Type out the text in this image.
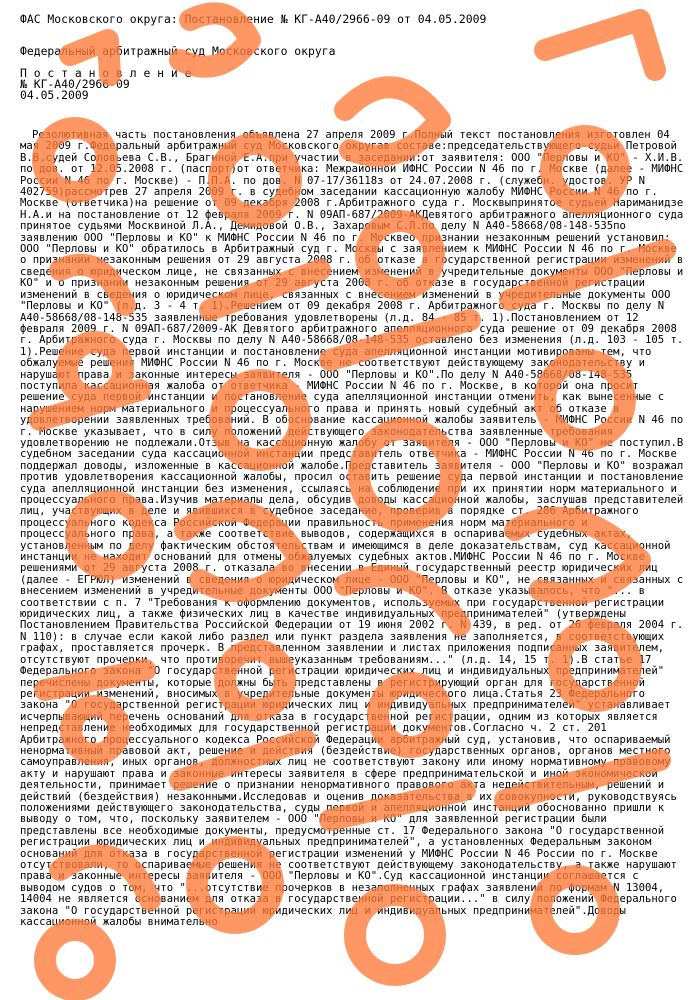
ФАС Московского округа: Постановление № КГ-А40/2966-09 от 04.05.2009
Федеральный арбитражный суд Московского округа
П о с т а н о в л е н и е
№ КГ-А40/2966-09
04.05.2009
Резолютивная часть постановления объявлена 27 апреля 2009 г.Полный текст постановления изготовлен 04 мая 2009 г.Федеральный арбитражный суд Московского округав составе:председательствующего-судьи Петровой В.В.судей Соловьева С.В., Брагиной Е.А.при участии в заседании:от заявителя: ООО "Перловы и КО" - Х.И.В. по дов. от 12.05.2008 г. (паспорт)от ответчика: Межрайонной ИФНС России N 46 по г. Москве (далее - МИФНС России N 46 по г. Москве) - П.П.А. по дов. N 07-17/36118з от 24.07.2008 г. (служебн. удостов. УР N 402759)рассмотрев 27 апреля 2009 г. в судебном заседании кассационную жалобу МИФНС России N 46 по г. Москве (ответчика)на решение от 09 декабря 2008 г.Арбитражного суда г. Москвыпринятое судьей Нариманидзе Н.А.и на постановление от 12 февраля 2009 г. N 09АП-687/2009-АКДевятого арбитражного апелляционного суда принятое судьями Москвиной Л.А., Демидовой О.В., Захаровым С.Л.по делу N А40-58668/08-148-535по заявлению ООО "Перловы и КО" к МИФНС России N 46 по г. Москвео признании незаконным решений установил: ООО "Перловы и КО" обратилось в Арбитражный суд г. Москвы с заявлением к МИФНС России N 46 по г. Москве о признании незаконным решения от 29 августа 2008 г. об отказе в государственной регистрации изменений в сведения о юридическом лице, не связанных с внесением изменений в учредительные документы ООО "Перловы и КО" и о признании незаконным решения от 29 августа 2008 г. об отказе в государственной регистрации изменений в сведения о юридическом лице, связанных с внесением изменений в учредительные документы ООО "Перловы и КО" (л.д. 3 - 4 т. 1).Решением от 09 декабря 2008 г. Арбитражного суда г. Москвы по делу N А40-58668/08-148-535 заявленные требования удовлетворены (л.д. 84 - 85 т. 1).Постановлением от 12 февраля 2009 г. N 09АП-687/2009-АК Девятого арбитражного апелляционного суда решение от 09 декабря 2008 г. Арбитражного суда г. Москвы по делу N А40-58668/08-148-535 оставлено без изменения (л.д. 103 - 105 т. 1).Решение суда первой инстанции и постановление суда апелляционной инстанции мотивированы тем, что обжалуемые решения МИФНС России N 46 по г. Москве не соответствуют действующему законодательству и нарушают права и законные интересы заявителя - ООО "Перловы и КО".По делу N А40-58668/08-148-535 поступила кассационная жалоба от ответчика - МИФНС России N 46 по г. Москве, в которой она просит решение суда первой инстанции и постановление суда апелляционной инстанции отменить, как вынесенные с нарушением норм материального и процессуального права и принять новый судебный акт об отказе в удовлетворении заявленных требований. В обоснование кассационной жалобы заявитель - МИФНС России N 46 по г. Москве указывает, что в силу положений действующего законодательства заявленные требования удовлетворению не подлежали.Отзыв на кассационную жалобу от заявителя - ООО "Перловы и КО" не поступил.В судебном заседании суда кассационной инстанции представитель ответчика - МИФНС России N 46 по г. Москве поддержал доводы, изложенные в кассационной жалобе.Представитель заявителя - ООО "Перловы и КО" возражал против удовлетворения кассационной жалобы, просил оставить решение суда первой инстанции и постановление суда апелляционной инстанции без изменения, ссылаясь на соблюдение при их принятии норм материального и процессуального права.Изучив материалы дела, обсудив доводы кассационной жалобы, заслушав представителей лиц, участвующих в деле и явившихся в судебное заседание, проверив в порядке ст. 286 Арбитражного процессуального кодекса Российской Федерации правильность применения норм материального и процессуального права, а также соответствие выводов, содержащихся в оспариваемых судебных актах, установленным по делу фактическим обстоятельствам и имеющимся в деле доказательствам, суд кассационной инстанции не находит оснований для отмены обжалуемых судебных актов.МИФНС России N 46 по г. Москве решениями от 29 августа 2008 г. отказала во внесении в Единый государственный реестр юридических лиц (далее - ЕГРЮЛ) изменений в сведения о юридическом лице - ООО "Перловы и КО", не связанных и связанных с внесением изменений в учредительные документы ООО "Перловы и КО". В отказе указывалось, что "... в соответствии с п. 7 "Требования к оформлению документов, используемых при государственной регистрации юридических лиц, а также физических лиц в качестве индивидуальных предпринимателей" (утверждены Постановлением Правительства Российской Федерации от 19 июня 2002 г. N 439, в ред. от 26 февраля 2004 г. N 110): в случае если какой либо раздел или пункт раздела заявления не заполняется, в соответствующих графах, проставляется прочерк. В представленном заявлении и листах приложения подписанных заявителем, отсутствуют прочерки, что противоречит вышеуказанным требованиям..." (л.д. 14, 15 т. 1).В статье 17 Федерального закона "О государственной регистрации юридических лиц и индивидуальных предпринимателей" перечислены документы, которые должны быть представлены в регистрирующий орган для государственной регистрации изменений, вносимых в учредительные документы юридического лица.Статья 23 Федерального закона "О государственной регистрации юридических лиц и индивидуальных предпринимателей" устанавливает исчерпывающий перечень оснований для отказа в государственной регистрации, одним из которых является непредставление необходимых для государственной регистрации документов.Согласно ч. 2 ст. 201 Арбитражного процессуального кодекса Российской Федерации арбитражный суд, установив, что оспариваемый ненормативный правовой акт, решение и действия (бездействие) государственных органов, органов местного самоуправления, иных органов, должностных лиц не соответствуют закону или иному нормативному правовому акту и нарушают права и законные интересы заявителя в сфере предпринимательской и иной экономической деятельности, принимает решение о признании ненормативного правового акта недействительным, решений и действий (бездействия) незаконными.Исследовав и оценив доказательства в их совокупности, руководствуясь положениями действующего законодательства, суды первой и апелляционной инстанций обоснованно пришли к выводу о том, что, поскольку заявителем - ООО "Перловы и КО" для заявленной регистрации были представлены все необходимые документы, предусмотренные ст. 17 Федерального закона "О государственной регистрации юридических лиц и индивидуальных предпринимателей", а установленных Федеральным законом оснований для отказа в государственной регистрации изменений у МИФНС России N 46 России по г. Москве отсутствовали, то оспариваемые решения не соответствуют действующему законодательству, а также нарушают права и законные интересы заявителя - ООО "Перловы и КО".Суд кассационной инстанции соглашается с выводом судов о том, что "...отсутствие прочерков в незаполненных графах заявлений по формам N 13004, 14004 не является основанием для отказа в государственной регистрации..." в силу положений Федерального закона "О государственной регистрации юридических лиц и индивидуальных предпринимателей".Доводы кассационной жалобы внимательно
